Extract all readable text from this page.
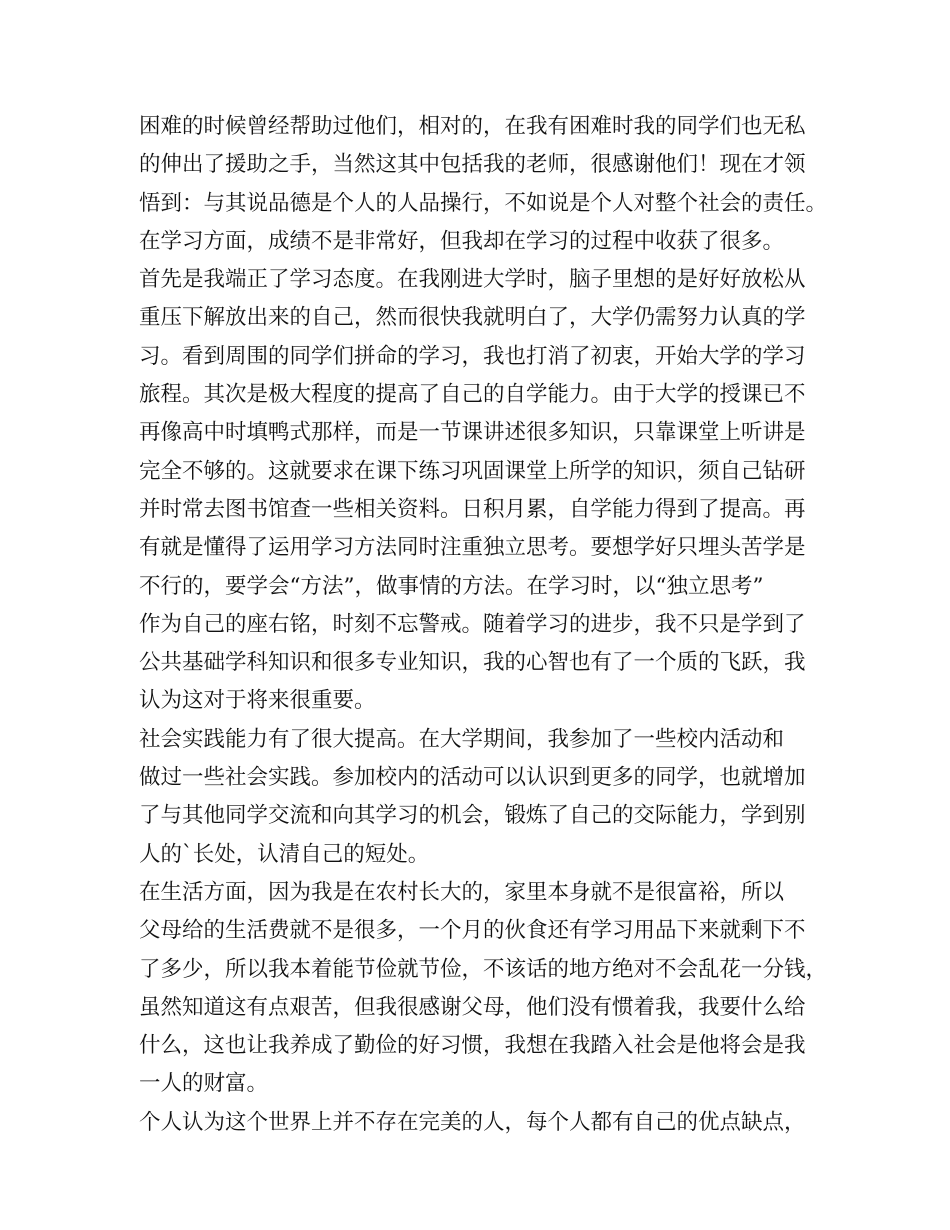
困难的时候曾经帮助过他们，相对的，在我有困难时我的同学们也无私
的伸出了援助之手，当然这其中包括我的老师，很感谢他们！现在才领
悟到：与其说品德是个人的人品操行，不如说是个人对整个社会的责任。
在学习方面，成绩不是非常好，但我却在学习的过程中收获了很多。
首先是我端正了学习态度。在我刚进大学时，脑子里想的是好好放松从
重压下解放出来的自己，然而很快我就明白了，大学仍需努力认真的学
习。看到周围的同学们拼命的学习，我也打消了初衷，开始大学的学习
旅程。其次是极大程度的提高了自己的自学能力。由于大学的授课已不
再像高中时填鸭式那样，而是一节课讲述很多知识，只靠课堂上听讲是
完全不够的。这就要求在课下练习巩固课堂上所学的知识，须自己钻研
并时常去图书馆查一些相关资料。日积月累，自学能力得到了提高。再
有就是懂得了运用学习方法同时注重独立思考。要想学好只埋头苦学是
不行的，要学会“方法”，做事情的方法。在学习时，以“独立思考”
作为自己的座右铭，时刻不忘警戒。随着学习的进步，我不只是学到了
公共基础学科知识和很多专业知识，我的心智也有了一个质的飞跃，我
认为这对于将来很重要。
社会实践能力有了很大提高。在大学期间，我参加了一些校内活动和
做过一些社会实践。参加校内的活动可以认识到更多的同学，也就增加
了与其他同学交流和向其学习的机会，锻炼了自己的交际能力，学到别
人的`长处，认清自己的短处。
在生活方面，因为我是在农村长大的，家里本身就不是很富裕，所以
父母给的生活费就不是很多，一个月的伙食还有学习用品下来就剩下不
了多少，所以我本着能节俭就节俭，不该话的地方绝对不会乱花一分钱，
虽然知道这有点艰苦，但我很感谢父母，他们没有惯着我，我要什么给
什么，这也让我养成了勤俭的好习惯，我想在我踏入社会是他将会是我
一人的财富。
个人认为这个世界上并不存在完美的人，每个人都有自己的优点缺点，
